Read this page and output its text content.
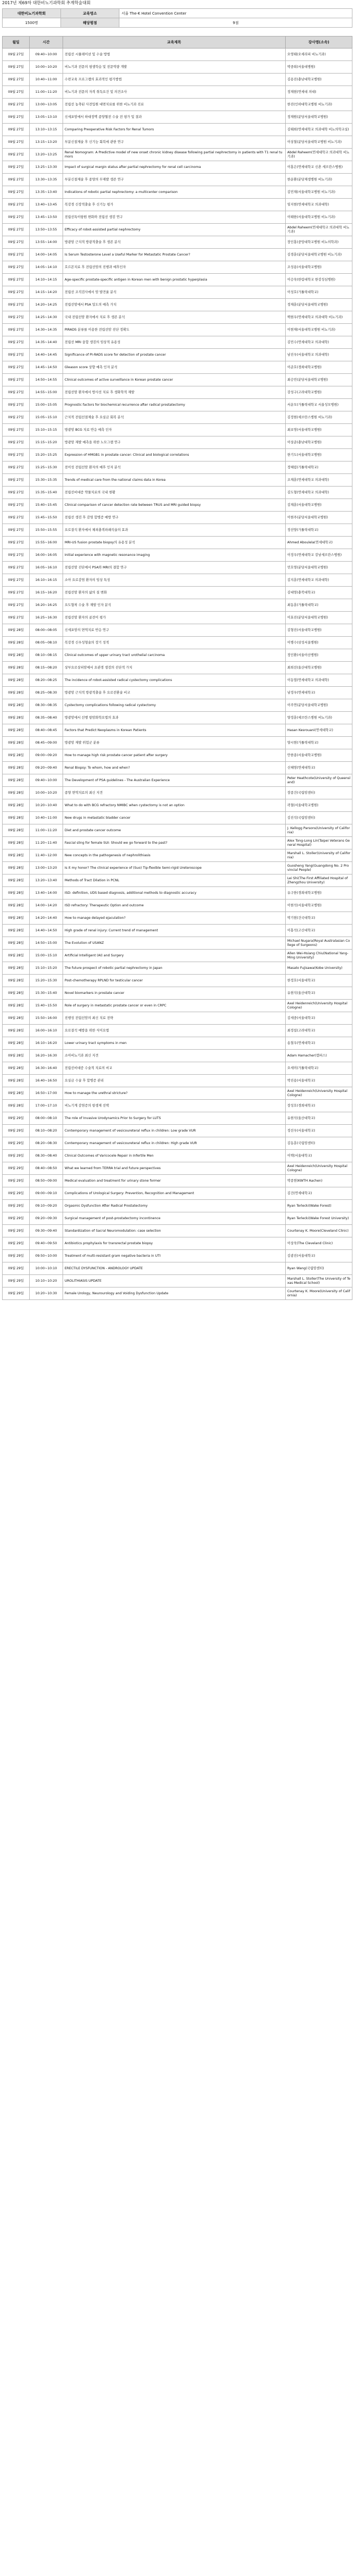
2017년 제69차 대한비뇨기과학회 추계학술대회
대한비뇨기과학회	교육명소	서울 The-K Hotel Convention Center
1500명	해당평점	9점
월일	시간	교육제목	강사명(소속)
09월 27일	09:40~10:00	전립선 시뮬레이션 및 수술 방법	오영태(오세라피 비뇨기과)
09월 27일	10:00~10:20	비뇨기과 전문의 평생학습 및 전문역량 개발	박중희(서울대병원)
09월 27일	10:40~11:00	수련교육 프로그램의 효과적인 평가방법	김용진(충남대학교병원)
09월 27일	11:00~11:20	비뇨기과 전문의 자격 취득요건 및 의견조사	정재현(연세대 의대)
09월 27일	13:00~13:05	전립선 농축된 사전입원 대면치료를 위한 비뇨기과 진료	한진(인하대학교병원 비뇨기과)
09월 27일	13:05~13:10	신세포암에서 하대정맥 종양혈전 수술 전 평가 및 결과	정재원(분당서울대학교병원)
09월 27일	13:10~13:15	Comparing Preoperative Risk Factors for Renal Tumors	김태희(연세대학교 의과대학 비뇨의학교실)
09월 27일	13:15~13:20	부분신절제술 후 신기능 회복에 관한 연구	이상철(분당서울대학교병원 비뇨기과)
09월 27일	13:20~13:25	Renal Nomogram: A Predictive model of new onset chronic kidney disease following partial nephrectomy in patients with T1 renal tumors	Abdel Raheem(연세대학교 의과대학 비뇨기과)
09월 27일	13:25~13:30	Impact of surgical margin status after partial nephrectomy for renal cell carcinoma	이홍은(연세대학교 신촌 세브란스병원)
09월 27일	13:30~13:35	부분신절제술 후 종양의 무재발 생존 연구	한운환(분당제생병원 비뇨기과)
09월 27일	13:35~13:40	Indications of robotic partial nephrectomy: a multicenter comparison	김민재(서울대학교병원 비뇨기과)
09월 27일	13:40~13:45	복강경 신장적출술 후 신기능 평가	임지현(연세대학교 의과대학)
09월 27일	13:45~13:50	전립선특이항원 변화와 전립선 생검 연구	이태한(서울대학교병원 비뇨기과)
09월 27일	13:50~13:55	Efficacy of robot-assisted partial nephrectomy	Abdel Raheem(연세대학교 의과대학 비뇨기과)
09월 27일	13:55~14:00	방광암 근치적 방광적출술 후 생존 분석	장인홍(중앙대학교병원 비뇨의학과)
09월 27일	14:00~14:05	Is Serum Testosterone Level a Useful Marker for Metastatic Prostate Cancer?	김경훈(분당서울대학교병원 비뇨기과)
09월 27일	14:05~14:10	호르몬치료 후 전립선암의 진행과 예후인자	조성용(서울대학교병원)
09월 27일	14:10~14:15	Age-specific prostate-specific antigen in Korean men with benign prostatic hyperplasia	이승욱(한림대학교 한강성심병원)
09월 27일	14:15~14:20	전립선 조직검사에서 암 발견율 분석	이성호(가톨릭대학교)
09월 27일	14:20~14:25	전립선암에서 PSA 밀도의 예측 가치	정재훈(분당서울대학교병원)
09월 27일	14:25~14:30	국내 전립선암 환자에서 치료 후 생존 분석	백현우(연세대학교 의과대학 비뇨기과)
09월 27일	14:30~14:35	PIRADS 분류를 이용한 전립선암 진단 정확도	이현재(서울대학교병원 비뇨기과)
09월 27일	14:35~14:40	전립선 MRI 융합 생검의 임상적 유용성	김민수(연세대학교 의과대학)
09월 27일	14:40~14:45	Significance of PI-RADS score for detection of prostate cancer	남진우(서울대학교 의과대학)
09월 27일	14:45~14:50	Gleason score 상향 예측 인자 분석	이준호(경희대학교병원)
09월 27일	14:50~14:55	Clinical outcomes of active surveillance in Korean prostate cancer	최승민(분당서울대학교병원)
09월 27일	14:55~15:00	전립선암 환자에서 방사선 치료 후 생화학적 재발	강성구(고려대학교병원)
09월 27일	15:00~15:05	Prognostic factors for biochemical recurrence after radical prostatectomy	서운모(가톨릭대학교 서울성모병원)
09월 27일	15:05~15:10	근치적 전립선절제술 후 요실금 회복 분석	김정현(세브란스병원 비뇨기과)
09월 27일	15:10~15:15	방광암 BCG 치료 반응 예측 인자	최보영(서울대학교병원)
09월 27일	15:15~15:20	방광암 재발 예측을 위한 노모그램 연구	이상준(충남대학교병원)
09월 27일	15:20~15:25	Expression of HMGB1 in prostate cancer: Clinical and biological correlations	한기도(서울대학교병원)
09월 27일	15:25~15:30	전이성 전립선암 환자의 예후 인자 분석	정혜림(가톨릭대학교)
09월 27일	15:30~15:35	Trends of medical care from the national claims data in Korea	조재훈(연세대학교 의과대학)
09월 27일	15:35~15:40	전립선비대증 약물치료의 국내 현황	김도형(연세대학교 의과대학)
09월 27일	15:40~15:45	Clinical comparison of cancer detection rate between TRUS and MRI guided biopsy	김재훈(서울대학교병원)
09월 27일	15:45~15:50	전립선 생검 후 감염 합병증 예방 연구	이현주(분당서울대학교병원)
09월 27일	15:50~15:55	요로결석 환자에서 체외충격파쇄석술의 효과	정선양(가톨릭대학교)
09월 27일	15:55~16:00	MRI-US fusion prostate biopsy의 유용성 분석	Ahmed Aboulela(연세대학교)
09월 27일	16:00~16:05	Initial experience with magnetic resonance imaging	이정우(연세대학교 강남세브란스병원)
09월 27일	16:05~16:10	전립선암 진단에서 PSA와 MRI의 결합 연구	민호영(분당서울대학교병원)
09월 27일	16:10~16:15	소아 요로감염 환자의 임상 특성	김지훈(연세대학교 의과대학)
09월 27일	16:15~16:20	전립선암 환자의 삶의 질 변화	김대영(충북대학교)
09월 27일	16:20~16:25	요도협착 수술 후 재발 인자 분석	최동훈(가톨릭대학교)
09월 27일	16:25~16:30	전립선암 환자의 골전이 평가	이효진(분당서울대학교병원)
09월 28일	08:00~08:05	신세포암의 면역치료 반응 연구	김형진(서울대학교병원)
09월 28일	08:05~08:10	복강경 신우성형술의 장기 성적	이병수(삼성서울병원)
09월 28일	08:10~08:15	Clinical outcomes of upper urinary tract urothelial carcinoma	정인환(서울아산병원)
09월 28일	08:15~08:20	상부요로상피암에서 요관경 생검의 진단적 가치	최희선(울산대학교병원)
09월 28일	08:20~08:25	The incidence of robot-assisted radical cystectomy complications	이동엽(연세대학교 의과대학)
09월 28일	08:25~08:30	방광암 근치적 방광적출술 후 요로전환술 비교	남정우(연세대학교)
09월 28일	08:30~08:35	Cystectomy complications following radical cystectomy	이주연(분당서울대학교병원)
09월 28일	08:35~08:40	방광암에서 선행 항암화학요법의 효과	양정훈(세브란스병원 비뇨기과)
09월 28일	08:40~08:45	Factors that Predict Neoplasms in Korean Patients	Hasan Kesrouani(연세대학교)
09월 28일	08:45~09:00	방광암 재발 위험군 분류	양시현(가톨릭대학교)
09월 28일	09:00~09:20	How to manage high risk prostate cancer patient after surgery	안한종(서울대학교병원)
09월 28일	09:20~09:40	Renal Biopsy: To whom, how and when?	신혜영(연세대학교)
09월 28일	09:40~10:00	The Development of PSA guidelines - The Australian Experience	Peter Heathcote(University of Queensland)
09월 28일	10:00~10:20	종양 면역치료의 최신 지견	장종건(국립암센터)
09월 28일	10:20~10:40	What to do with BCG refractory NMIBC when cystectomy is not an option	곽철(서울대학교병원)
09월 28일	10:40~11:00	New drugs in metastatic bladder cancer	김진석(국립암센터)
09월 28일	11:00~11:20	Diet and prostate cancer outcome	J. Kellogg Parsons(University of California)
09월 28일	11:20~11:40	Fascial sling for female SUI: Should we go forward to the past?	Alex Tong-Long Lin(Taipei Veterans General Hospital)
09월 28일	11:40~12:00	New concepts in the pathogenesis of nephrolithiasis	Marshall L. Stoller(University of California)
09월 28일	13:00~13:20	Is it my honor? The clinical experience of (Suo) Tip-flexible Semi-rigid Ureteroscope	Guosheng Yang(Guangdong No. 2 Provincial People)
09월 28일	13:20~13:40	Methods of Tract Dilation in PCNL	Lei Shi(The First Affiliated Hospital of Zhengzhou University)
09월 28일	13:40~14:00	ISD: definition, UDS based diagnosis, additional methods to diagnostic accuracy	유구한(경희대학교병원)
09월 28일	14:00~14:20	ISD refractory: Therapeutic Option and outcome	이현석(서울대학교병원)
09월 28일	14:20~14:40	How to manage delayed ejaculation?	박기현(건국대학교)
09월 28일	14:40~14:50	High grade of renal injury: Current trend of management	이홍석(고신대학교)
09월 28일	14:50~15:00	The Evolution of USANZ	Michael Nugara(Royal Australasian College of Surgeons)
09월 28일	15:00~15:10	Artificial Intelligent (AI) and Surgery	Allen Wei-Hsiang Chiu(National Yang-Ming University)
09월 28일	15:10~15:20	The future prospect of robotic partial nephrectomy in Japan	Masato Fujisawa(Kobe University)
09월 28일	15:20~15:30	Post-chemotherapy RPLND for testicular cancer	한정호(서울대학교)
09월 28일	15:30~15:40	Novel biomarkers in prostate cancer	유현석(울산대학교)
09월 28일	15:40~15:50	Role of surgery in metastatic prostate cancer or even in CRPC	Axel Heidenreich(University Hospital Cologne)
09월 28일	15:50~16:00	진행성 전립선암의 최신 치료 전략	김세중(서울대학교)
09월 28일	16:00~16:10	요로결석 예방을 위한 식이요법	최정섭(고려대학교)
09월 28일	16:10~16:20	Lower urinary tract symptoms in men	송철우(연세대학교)
09월 28일	16:20~16:30	소아비뇨기과 최신 지견	Adam Hamacher(캠퍼스)
09월 28일	16:30~16:40	전립선비대증 수술적 치료의 비교	오세미(가톨릭대학교)
09월 28일	16:40~16:50	요실금 수술 후 합병증 관리	박진용(서울대학교)
09월 28일	16:50~17:00	How to manage the urethral stricture?	Axel Heidenreich(University Hospital Cologne)
09월 28일	17:00~17:10	비뇨기계 감염증의 항생제 선택	장성호(경희대학교)
09월 29일	08:00~08:10	The role of Invasive Urodynamics Prior to Surgery for LUTS	유현석(울산대학교)
09월 29일	08:10~08:20	Contemporary management of vesicoureteral reflux in children: Low grade VUR	정선우(서울대학교)
09월 29일	08:20~08:30	Contemporary management of vesicoureteral reflux in children: High grade VUR	김동훈(국립암센터)
09월 29일	08:30~08:40	Clinical Outcomes of Varicocele Repair in Infertile Men	이택(서울대학교)
09월 29일	08:40~08:50	What we learned from TERRA trial and future perspectives	Axel Heidenreich(University Hospital Cologne)
09월 29일	08:50~09:00	Medical evaluation and treatment for urinary stone former	박종현(KWTH Aachen)
09월 29일	09:00~09:10	Complications of Urological Surgery: Prevention, Recognition and Management	김건(연세대학교)
09월 29일	09:10~09:20	Orgasmic Dysfunction After Radical Prostatectomy	Ryan Terlecki(Wake Forest)
09월 29일	09:20~09:30	Surgical management of post-prostatectomy incontinence	Ryan Terlecki(Wake Forest University)
09월 29일	09:30~09:40	Standardization of Sacral Neuromodulation: case selection	Courtenay K. Moore(Cleveland Clinic)
09월 29일	09:40~09:50	Antibiotics prophylaxis for transrectal prostate biopsy	이상욱(The Cleveland Clinic)
09월 29일	09:50~10:00	Treatment of multi-resistant gram negative bacteria in UTI	김광진(서울대학교)
09월 29일	10:00~10:10	ERECTILE DYSFUNCTION - ANDROLOGY UPDATE	Ryan Wang(국립암센터)
09월 29일	10:10~10:20	UROLITHIASIS UPDATE	Marshall L. Stoller(The University of Texas Medical School)
09월 29일	10:20~10:30	Female Urology, Neurourology and Voiding Dysfunction Update	Courtenay K. Moore(University of California)
